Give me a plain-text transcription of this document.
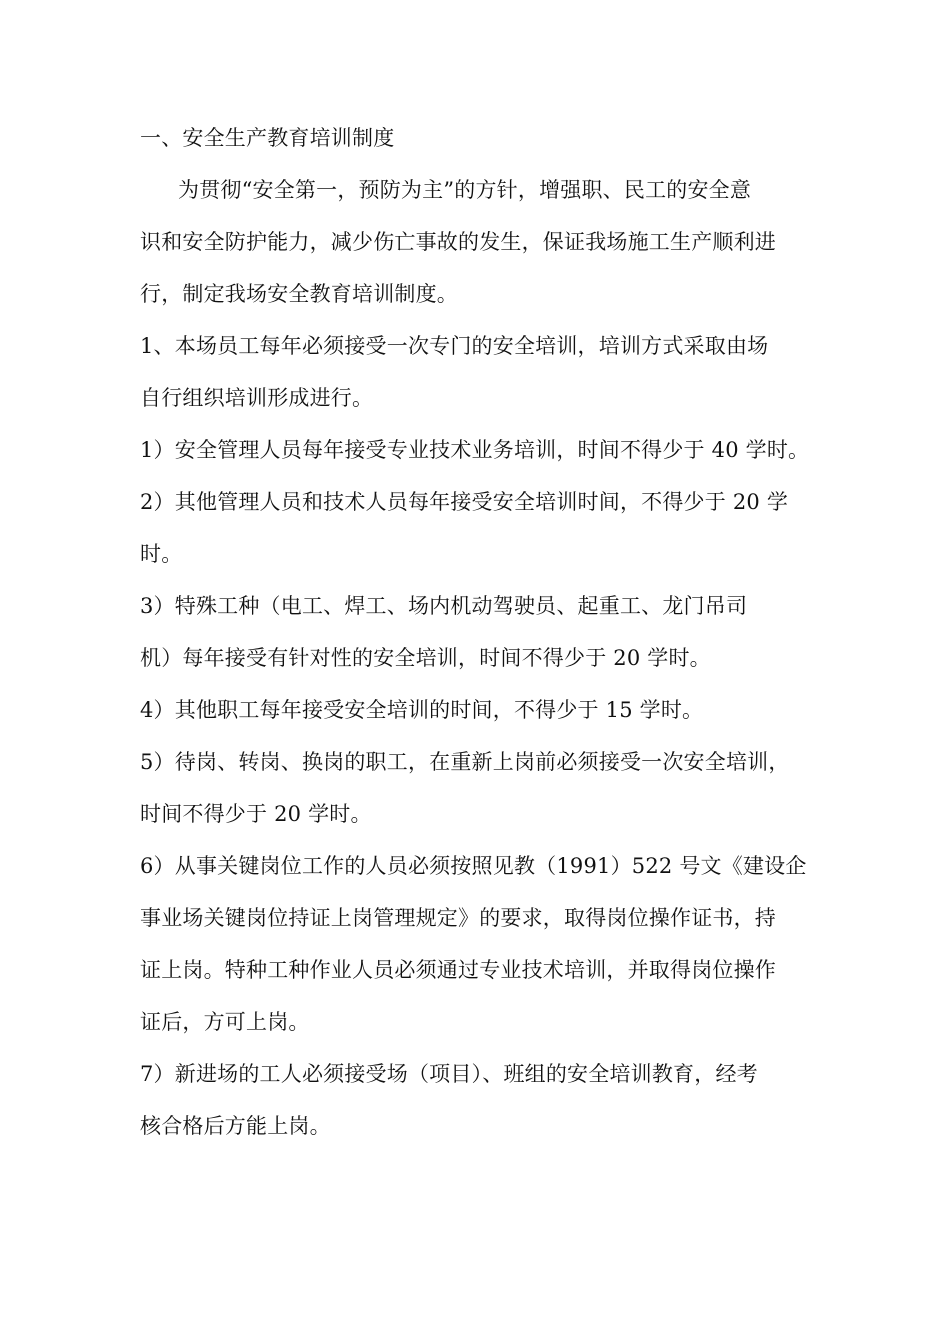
一、安全生产教育培训制度
为贯彻“安全第一，预防为主”的方针，增强职、民工的安全意
识和安全防护能力，减少伤亡事故的发生，保证我场施工生产顺利进
行，制定我场安全教育培训制度。
1、本场员工每年必须接受一次专门的安全培训，培训方式采取由场
自行组织培训形成进行。
1）安全管理人员每年接受专业技术业务培训，时间不得少于 40 学时。
2）其他管理人员和技术人员每年接受安全培训时间，不得少于 20 学
时。
3）特殊工种（电工、焊工、场内机动驾驶员、起重工、龙门吊司
机）每年接受有针对性的安全培训，时间不得少于 20 学时。
4）其他职工每年接受安全培训的时间，不得少于 15 学时。
5）待岗、转岗、换岗的职工，在重新上岗前必须接受一次安全培训，
时间不得少于 20 学时。
6）从事关键岗位工作的人员必须按照见教（1991）522 号文《建设企
事业场关键岗位持证上岗管理规定》的要求，取得岗位操作证书，持
证上岗。特种工种作业人员必须通过专业技术培训，并取得岗位操作
证后，方可上岗。
7）新进场的工人必须接受场（项目）、班组的安全培训教育，经考
核合格后方能上岗。
